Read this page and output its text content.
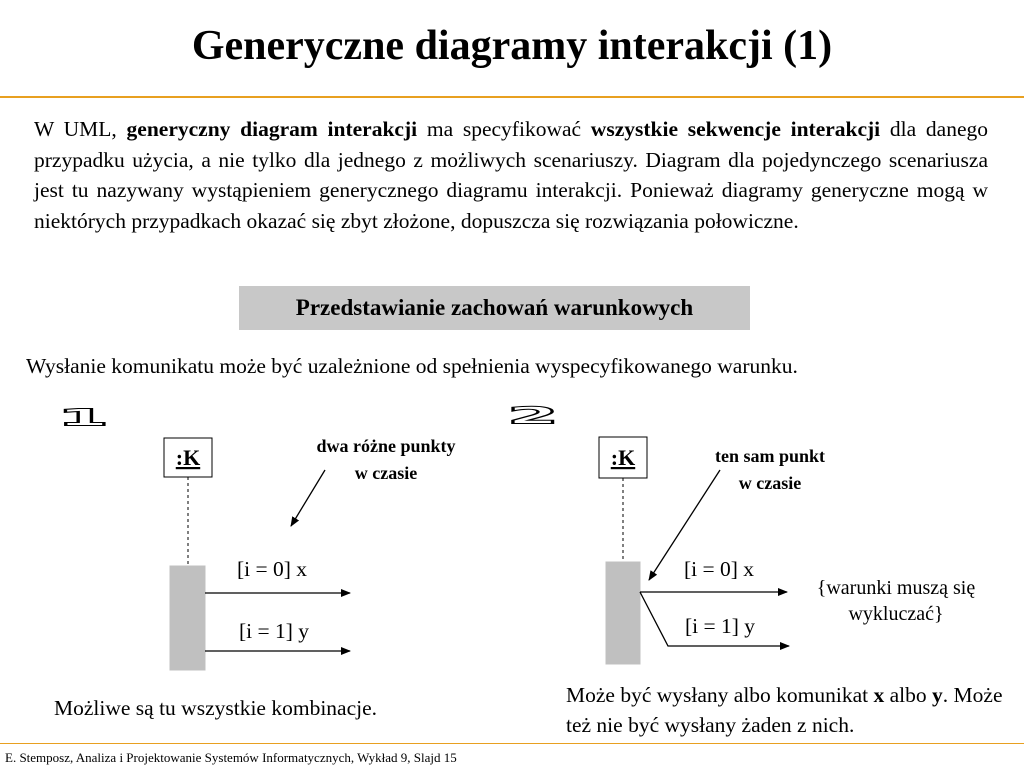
Generyczne diagramy interakcji (1)

W UML, generyczny diagram interakcji ma specyfikować wszystkie sekwencje interakcji dla danego przypadku użycia, a nie tylko dla jednego z możliwych scenariuszy. Diagram dla pojedynczego scenariusza jest tu nazywany wystąpieniem generycznego diagramu interakcji. Ponieważ diagramy generyczne mogą w niektórych przypadkach okazać się zbyt złożone, dopuszcza się rozwiązania połowiczne.

Przedstawianie zachowań warunkowych

Wysłanie komunikatu może być uzależnione od spełnienia wyspecyfikowanego warunku.

1
:K	dwa różne punkty
w czasie
[i = 0] x
[i = 1] y
2
:K	ten sam punkt
w czasie
[i = 0] x
[i = 1] y
{warunki muszą się
wykluczać}

Możliwe są tu wszystkie kombinacje.

Może być wysłany albo komunikat x albo y. Może też nie być wysłany żaden z nich.

E. Stemposz, Analiza i Projektowanie Systemów Informatycznych, Wykład 9, Slajd 15
